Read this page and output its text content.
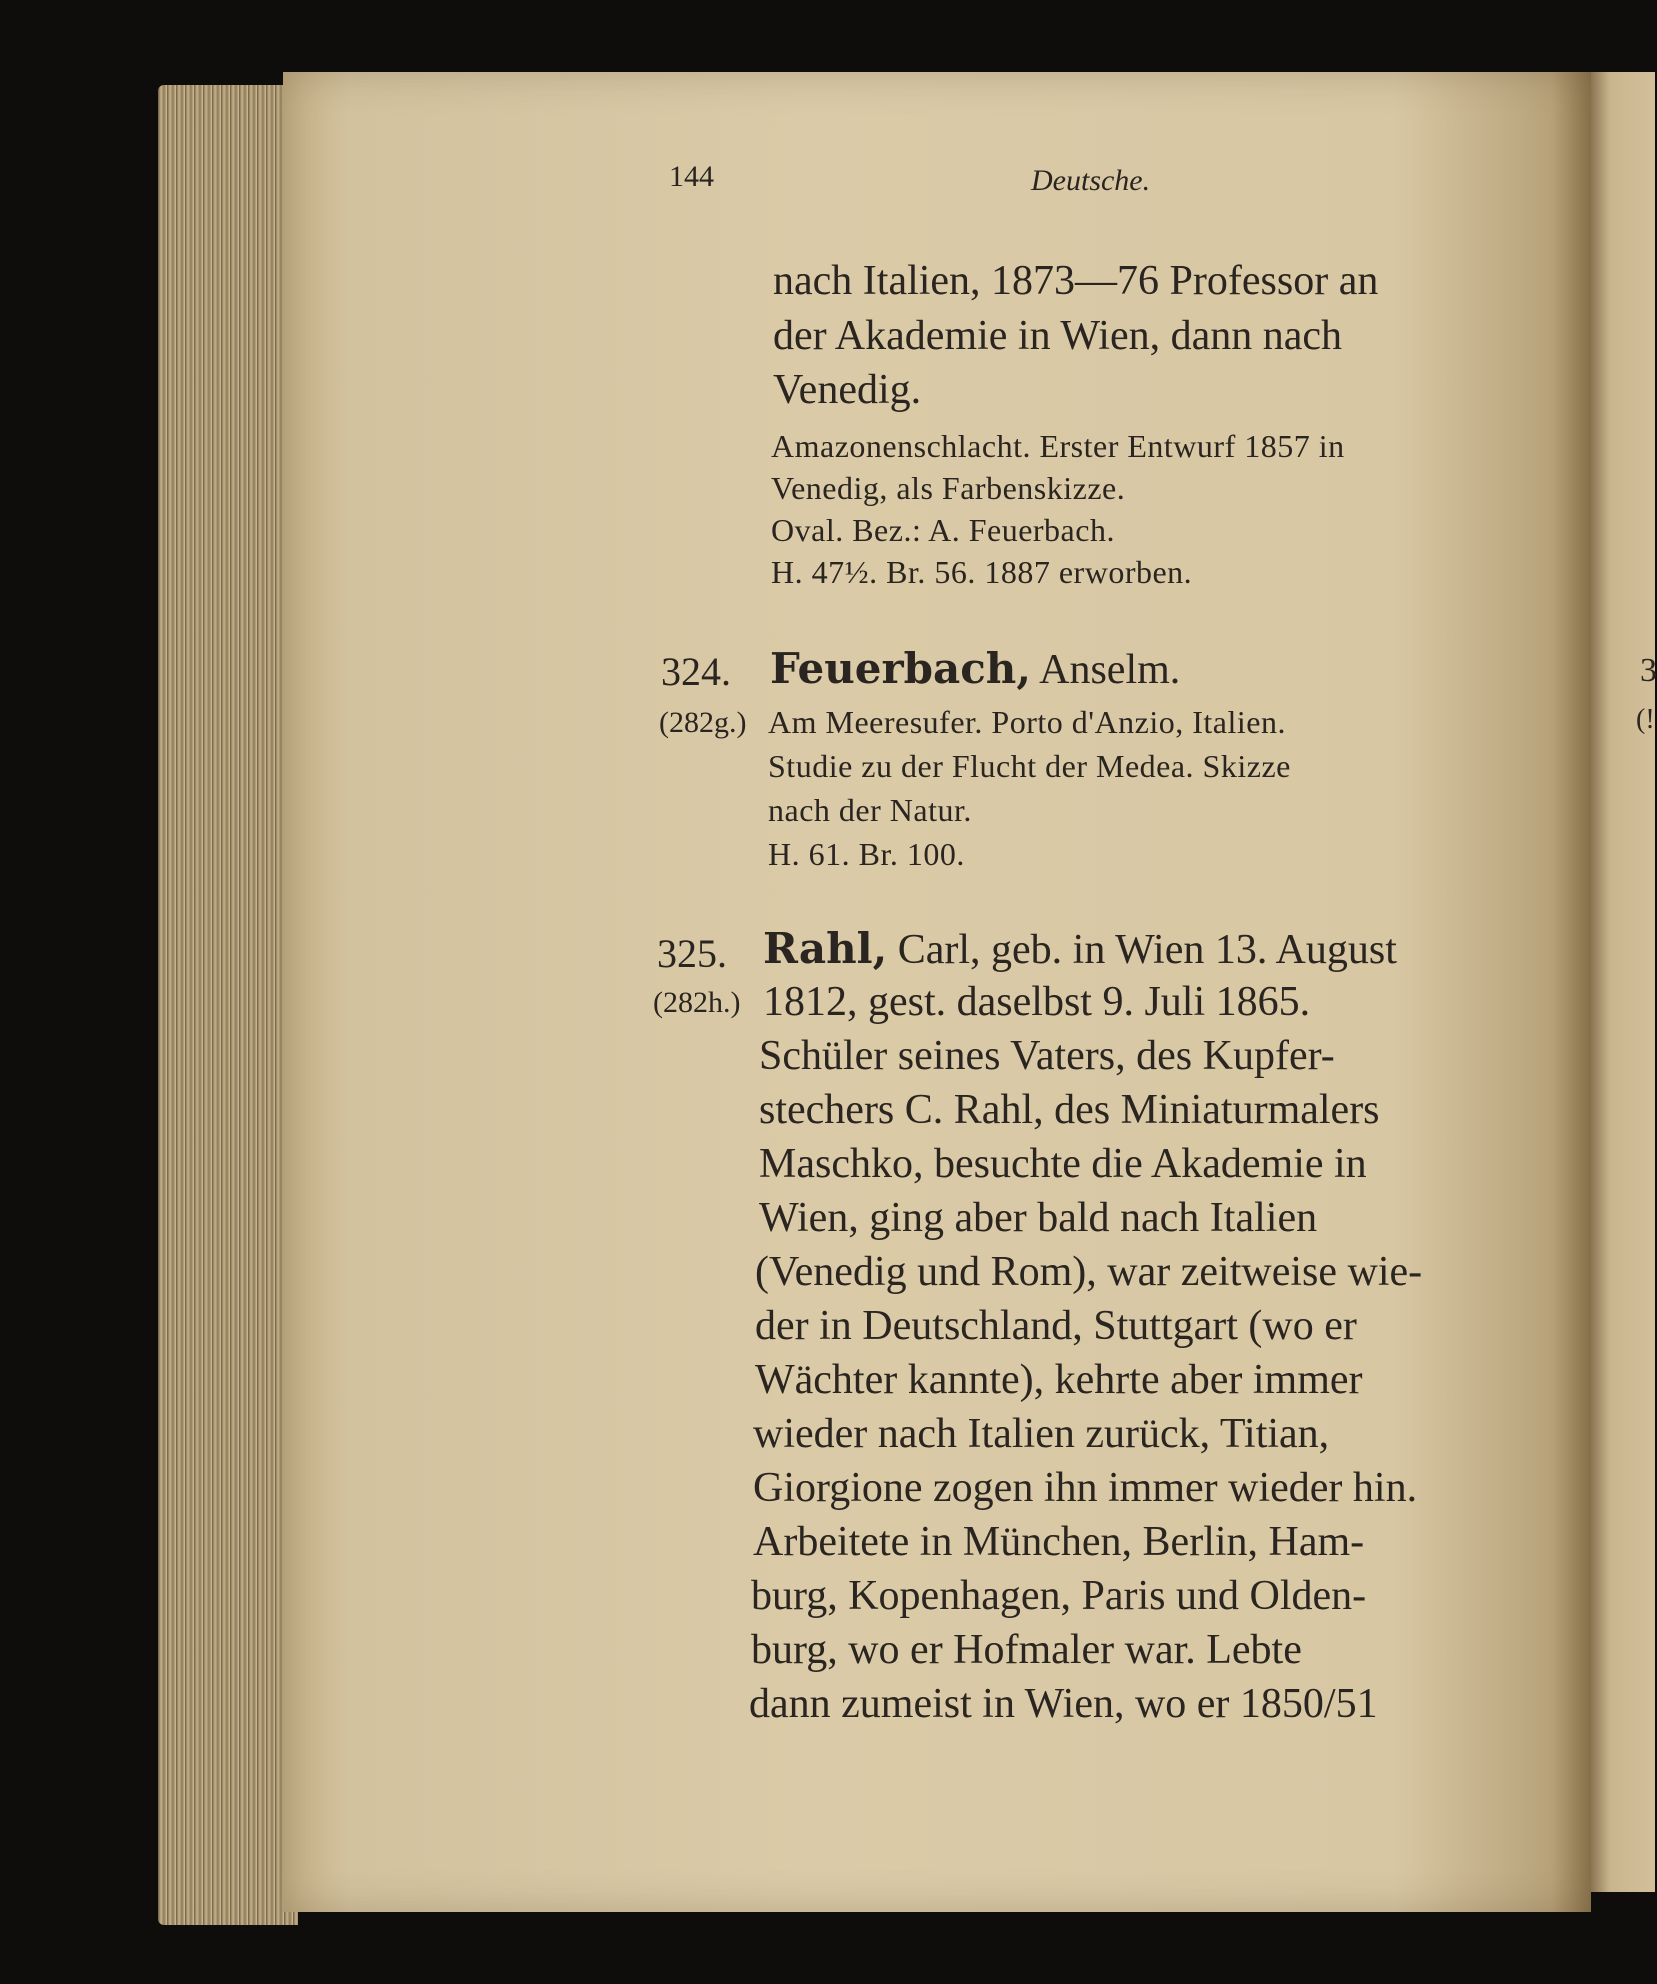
3
(!
144	Deutsche.
nach Italien, 1873—76 Professor an
der Akademie in Wien, dann nach
Venedig.
Amazonenschlacht. Erster Entwurf 1857 in
Venedig, als Farbenskizze.
Oval. Bez.: A. Feuerbach.
H. 47½. Br. 56. 1887 erworben.
324. Feuerbach, Anselm.
(282g.) Am Meeresufer. Porto d'Anzio, Italien.
Studie zu der Flucht der Medea. Skizze
nach der Natur.
H. 61. Br. 100.
325. Rahl, Carl, geb. in Wien 13. August
(282h.) 1812, gest. daselbst 9. Juli 1865.
Schüler seines Vaters, des Kupfer-
stechers C. Rahl, des Miniaturmalers
Maschko, besuchte die Akademie in
Wien, ging aber bald nach Italien
(Venedig und Rom), war zeitweise wie-
der in Deutschland, Stuttgart (wo er
Wächter kannte), kehrte aber immer
wieder nach Italien zurück, Titian,
Giorgione zogen ihn immer wieder hin.
Arbeitete in München, Berlin, Ham-
burg, Kopenhagen, Paris und Olden-
burg, wo er Hofmaler war. Lebte
dann zumeist in Wien, wo er 1850/51
